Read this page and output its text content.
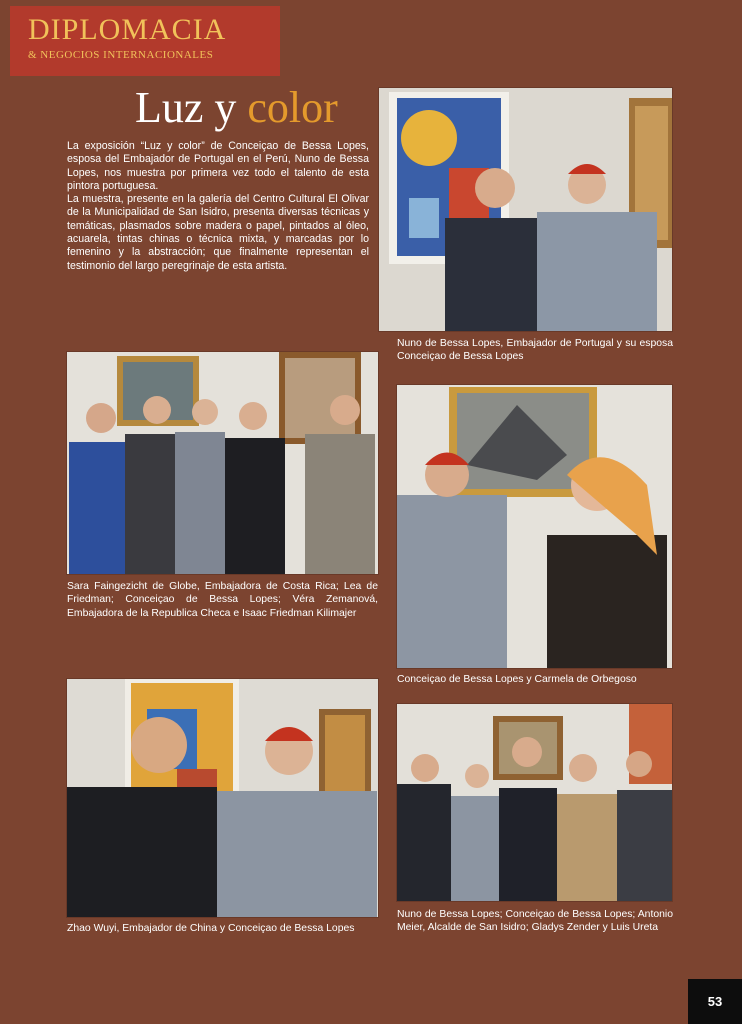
DIPLOMACIA
& NEGOCIOS INTERNACIONALES
Luz y color

La exposición “Luz y color” de Conceiçao de Bessa Lopes, esposa del Embajador de Portugal en el Perú, Nuno de Bessa Lopes, nos muestra por primera vez todo el talento de esta pintora portuguesa.

La muestra, presente en la galería del Centro Cultural El Olivar de la Municipalidad de San Isidro, presenta diversas técnicas y temáticas, plasmados sobre madera o papel, pintados al óleo, acuarela, tintas chinas o técnica mixta, y marcadas por lo femenino y la abstracción; que finalmente representan el testimonio del largo peregrinaje de esta artista.

Nuno de Bessa Lopes, Embajador de Portugal y su esposa Conceiçao de Bessa Lopes
Sara Faingezicht de Globe, Embajadora de Costa Rica; Lea de Friedman; Conceiçao de Bessa Lopes; Véra Zemanová, Embajadora de la Republica Checa e Isaac Friedman Kilimajer
Conceiçao de Bessa Lopes y Carmela de Orbegoso
Zhao Wuyi, Embajador de China y Conceiçao de Bessa Lopes
Nuno de Bessa Lopes; Conceiçao de Bessa Lopes; Antonio Meier, Alcalde de San Isidro; Gladys Zender y Luis Ureta
53
